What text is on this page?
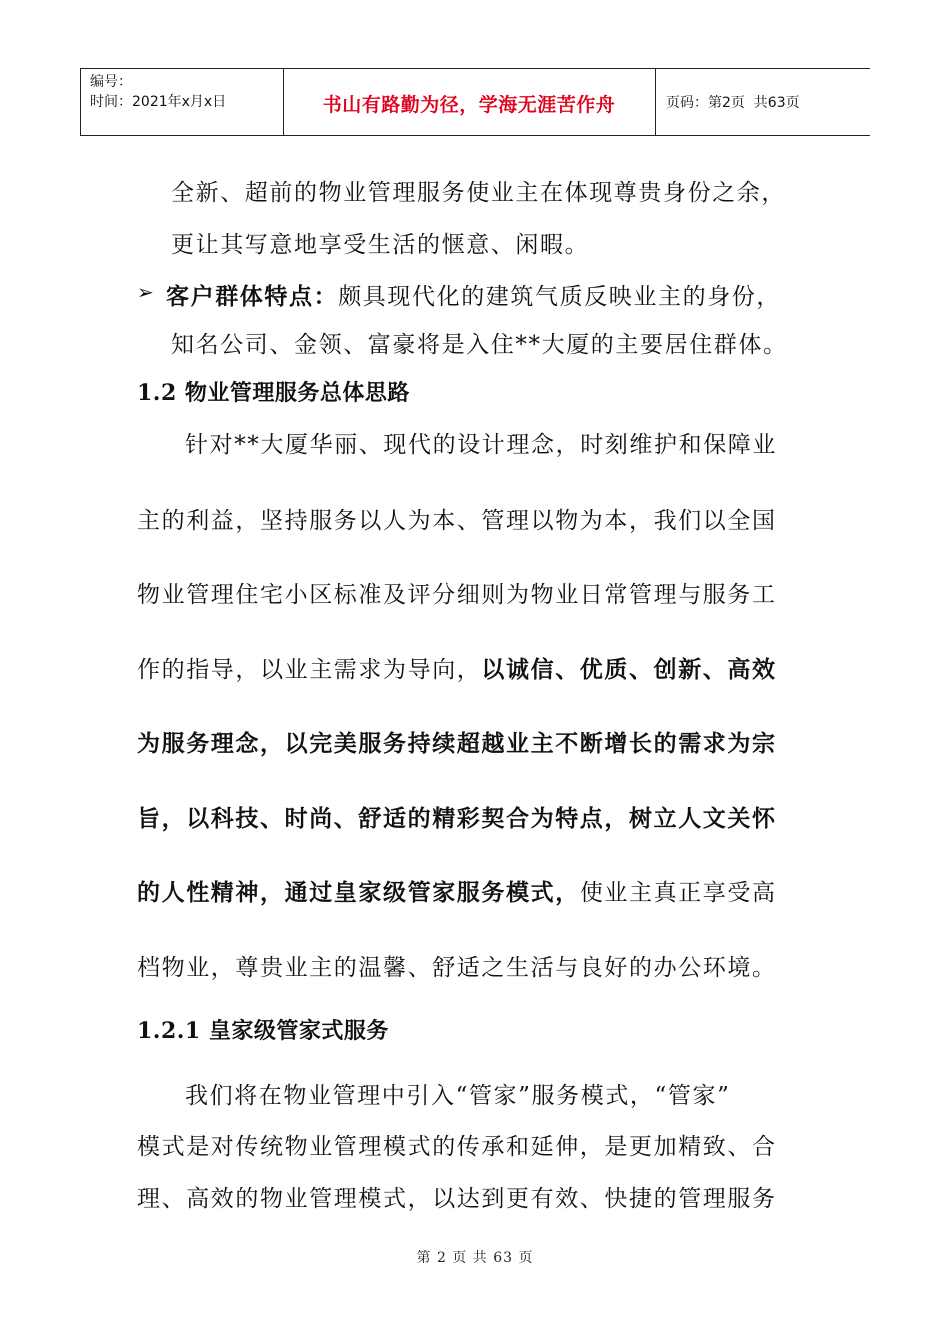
编号：
时间：2021年x月x日	书山有路勤为径，学海无涯苦作舟	页码：第2页  共63页
全新、超前的物业管理服务使业主在体现尊贵身份之余，
更让其写意地享受生活的惬意、闲暇。
➢ 客户群体特点：颇具现代化的建筑气质反映业主的身份，
知名公司、金领、富豪将是入住**大厦的主要居住群体。
1.2 物业管理服务总体思路
针对**大厦华丽、现代的设计理念，时刻维护和保障业
主的利益，坚持服务以人为本、管理以物为本，我们以全国
物业管理住宅小区标准及评分细则为物业日常管理与服务工
作的指导，以业主需求为导向，以诚信、优质、创新、高效
为服务理念，以完美服务持续超越业主不断增长的需求为宗
旨，以科技、时尚、舒适的精彩契合为特点，树立人文关怀
的人性精神，通过皇家级管家服务模式，使业主真正享受高
档物业，尊贵业主的温馨、舒适之生活与良好的办公环境。
1.2.1 皇家级管家式服务
我们将在物业管理中引入“管家”服务模式，“管家”
模式是对传统物业管理模式的传承和延伸，是更加精致、合
理、高效的物业管理模式，以达到更有效、快捷的管理服务
第 2 页 共 63 页
